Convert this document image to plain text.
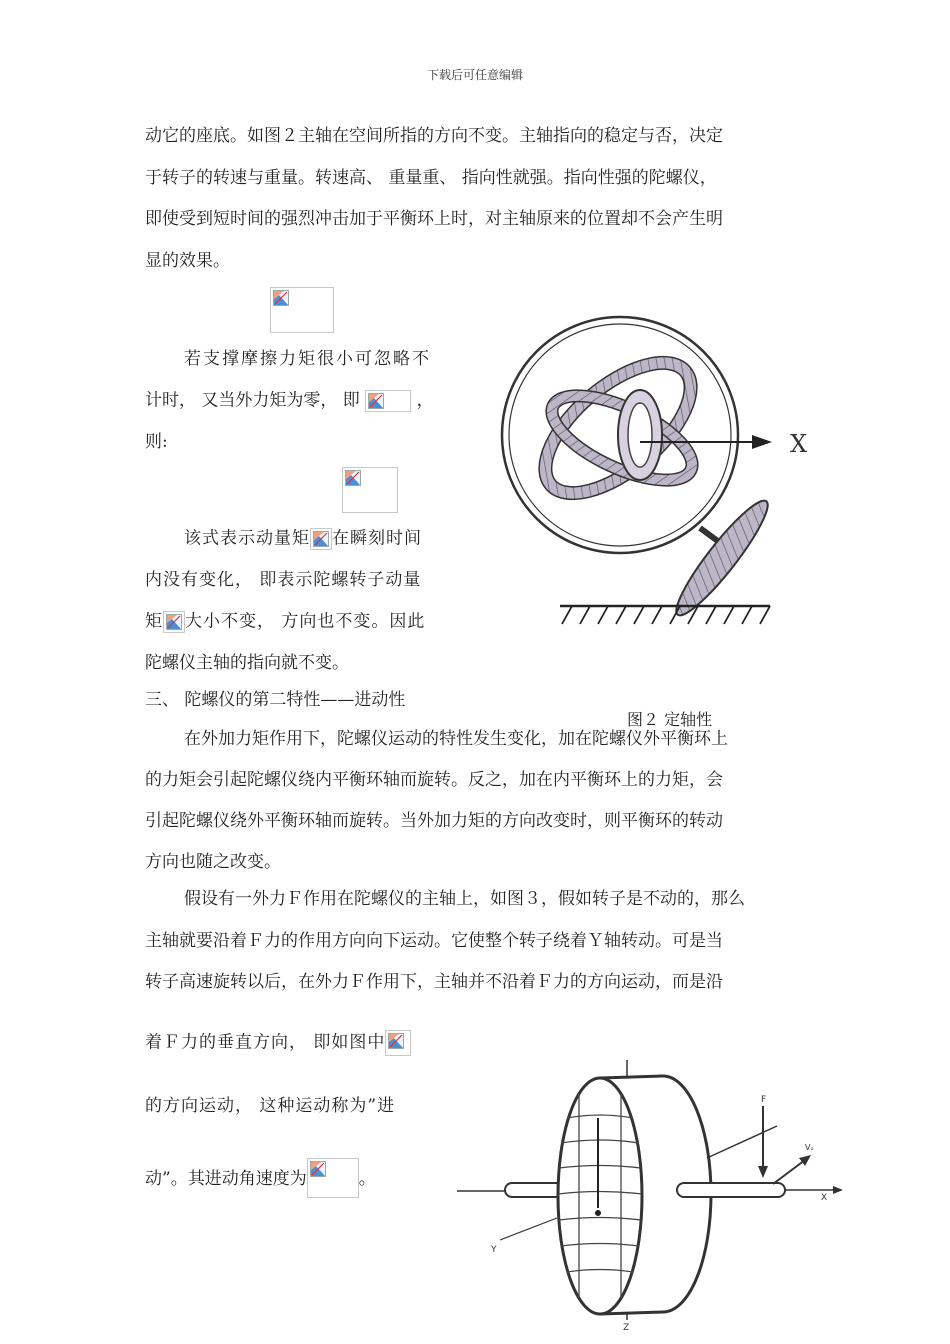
下载后可任意编辑
动它的座底。如图２主轴在空间所指的方向不变。主轴指向的稳定与否，决定
于转子的转速与重量。转速高、 重量重、 指向性就强。指向性强的陀螺仪，
即使受到短时间的强烈冲击加于平衡环上时，对主轴原来的位置却不会产生明
显的效果。

若支撑摩擦力矩很小可忽略不
计时， 又当外力矩为零， 即	，
则:
该式表示动量矩 在瞬刻时间
内没有变化， 即表示陀螺转子动量
矩 大小不变， 方向也不变。因此
陀螺仪主轴的指向就不变。
三、 陀螺仪的第二特性——进动性
X
图２ 定轴性
在外加力矩作用下，陀螺仪运动的特性发生变化，加在陀螺仪外平衡环上
的力矩会引起陀螺仪绕内平衡环轴而旋转。反之，加在内平衡环上的力矩，会
引起陀螺仪绕外平衡环轴而旋转。当外加力矩的方向改变时，则平衡环的转动
方向也随之改变。
假设有一外力Ｆ作用在陀螺仪的主轴上，如图３，假如转子是不动的，那么
主轴就要沿着Ｆ力的作用方向向下运动。它使整个转子绕着Ｙ轴转动。可是当
转子高速旋转以后，在外力Ｆ作用下，主轴并不沿着Ｆ力的方向运动，而是沿
着Ｆ力的垂直方向， 即如图中
的方向运动， 这种运动称为”进
动”。其进动角速度为	。
X
F
Vₒ
Y
Z
